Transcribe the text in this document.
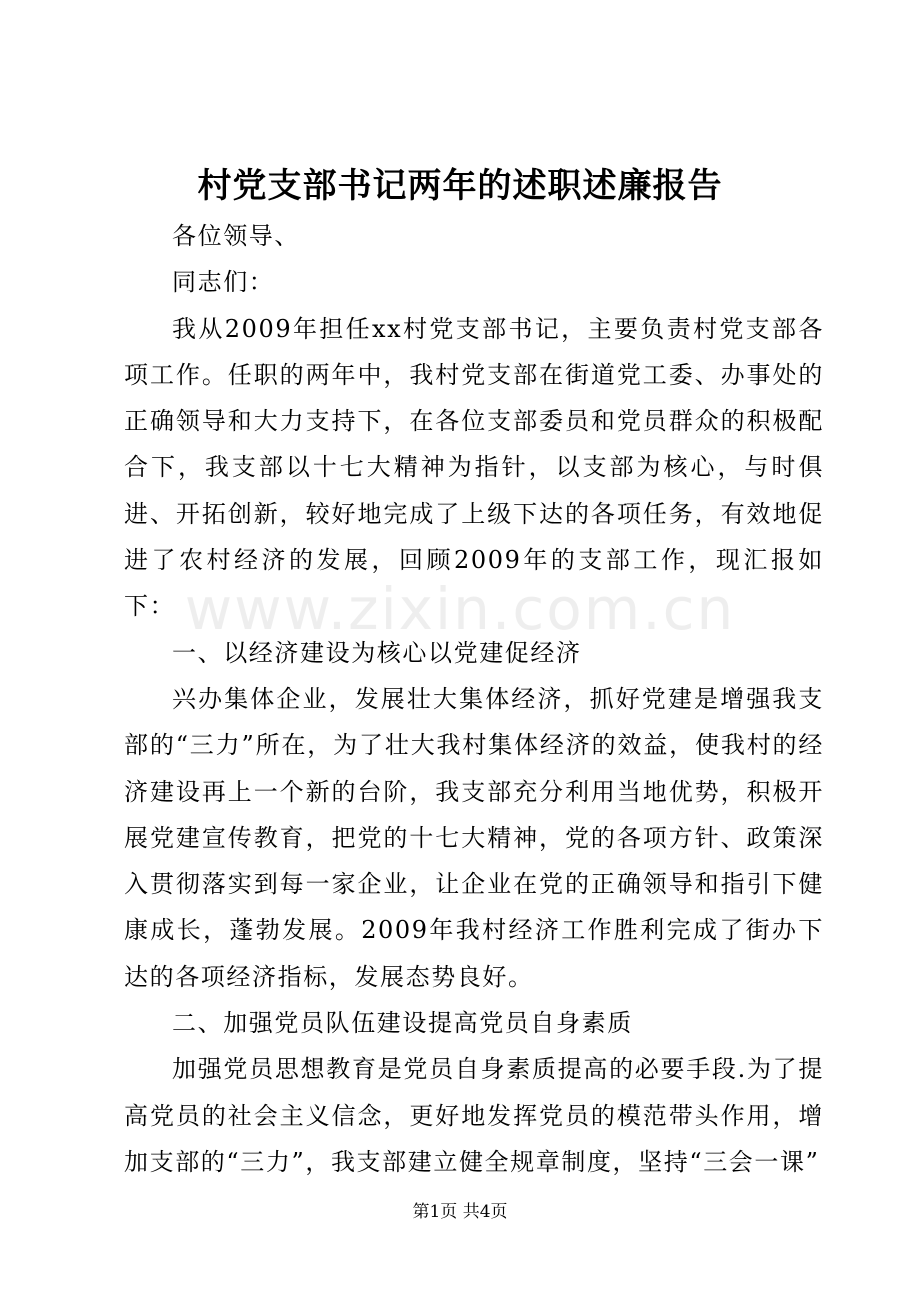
村党支部书记两年的述职述廉报告

各位领导、

同志们：

我从2009年担任xx村党支部书记，主要负责村党支部各项工作。任职的两年中，我村党支部在街道党工委、办事处的正确领导和大力支持下，在各位支部委员和党员群众的积极配合下，我支部以十七大精神为指针，以支部为核心，与时俱进、开拓创新，较好地完成了上级下达的各项任务，有效地促进了农村经济的发展，回顾2009年的支部工作，现汇报如下：

一、以经济建设为核心以党建促经济

兴办集体企业，发展壮大集体经济，抓好党建是增强我支部的“三力”所在，为了壮大我村集体经济的效益，使我村的经济建设再上一个新的台阶，我支部充分利用当地优势，积极开展党建宣传教育，把党的十七大精神，党的各项方针、政策深入贯彻落实到每一家企业，让企业在党的正确领导和指引下健康成长，蓬勃发展。2009年我村经济工作胜利完成了街办下达的各项经济指标，发展态势良好。

二、加强党员队伍建设提高党员自身素质

加强党员思想教育是党员自身素质提高的必要手段.为了提高党员的社会主义信念，更好地发挥党员的模范带头作用，增加支部的“三力”，我支部建立健全规章制度，坚持“三会一课”

www.zixin.com.cn
第1页 共4页
